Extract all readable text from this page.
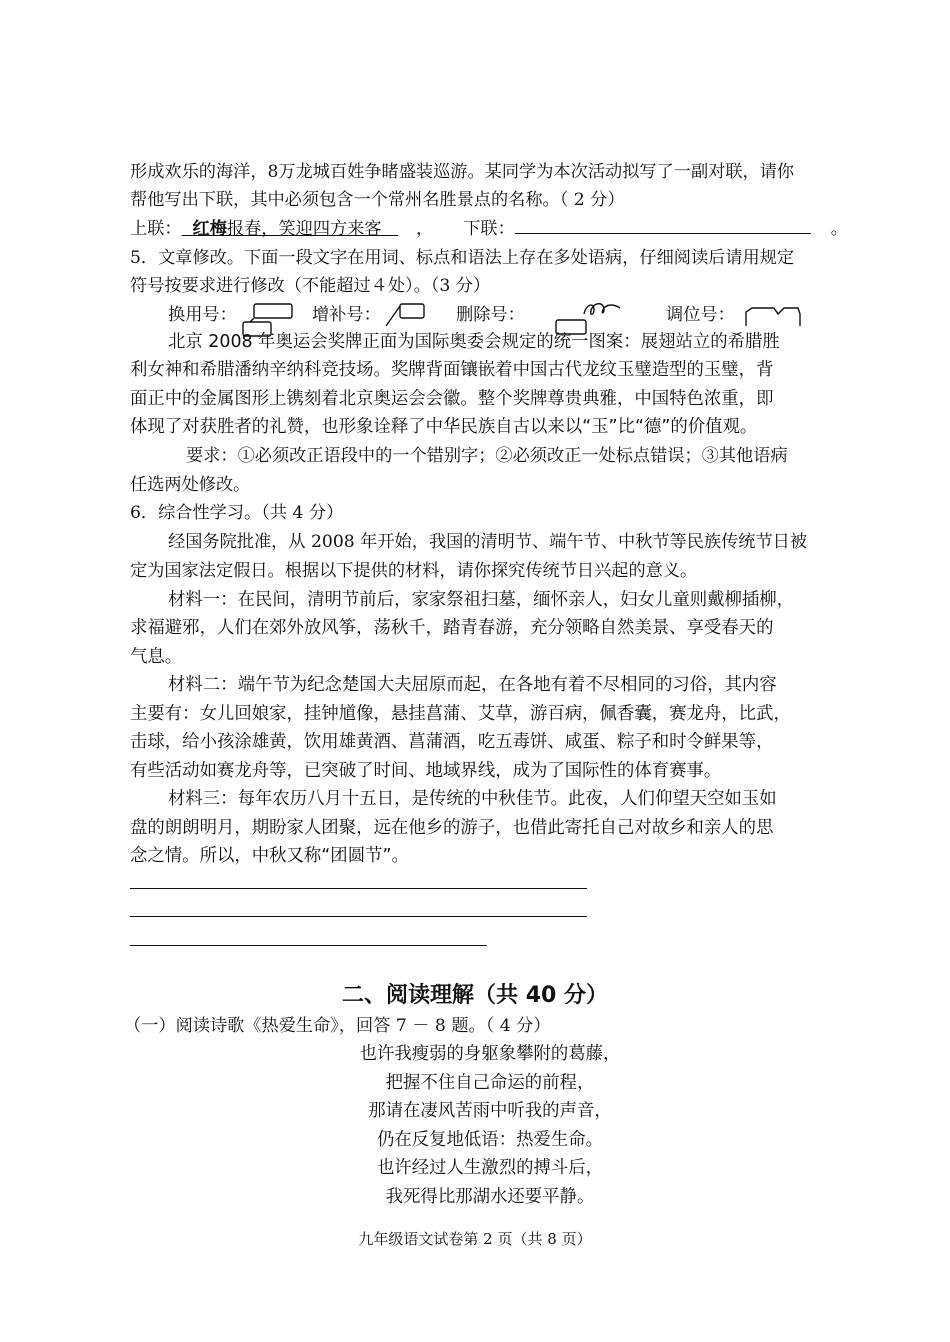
形成欢乐的海洋，8万龙城百姓争睹盛装巡游。某同学为本次活动拟写了一副对联，请你
帮他写出下联，其中必须包含一个常州名胜景点的名称。（ 2 分）
上联： 红梅报春，笑迎四方来客 ， 下联：	。
5．文章修改。下面一段文字在用词、标点和语法上存在多处语病，仔细阅读后请用规定
符号按要求进行修改（不能超过４处）。（3 分）
换用号：	增补号：	删除号：	调位号：
北京 2008 年奥运会奖牌正面为国际奥委会规定的统一图案：展翅站立的希腊胜
利女神和希腊潘纳辛纳科竞技场。奖牌背面镶嵌着中国古代龙纹玉璧造型的玉璧，背
面正中的金属图形上镌刻着北京奥运会会徽。整个奖牌尊贵典雅，中国特色浓重，即
体现了对获胜者的礼赞，也形象诠释了中华民族自古以来以“玉”比“德”的价值观。
要求：①必须改正语段中的一个错别字；②必须改正一处标点错误；③其他语病
任选两处修改。
6．综合性学习。（共 4 分）
经国务院批准，从 2008 年开始，我国的清明节、端午节、中秋节等民族传统节日被
定为国家法定假日。根据以下提供的材料，请你探究传统节日兴起的意义。
材料一：在民间，清明节前后，家家祭祖扫墓，缅怀亲人，妇女儿童则戴柳插柳，
求福避邪，人们在郊外放风筝，荡秋千，踏青春游，充分领略自然美景、享受春天的
气息。
材料二：端午节为纪念楚国大夫屈原而起，在各地有着不尽相同的习俗，其内容
主要有：女儿回娘家，挂钟馗像，悬挂菖蒲、艾草，游百病，佩香囊，赛龙舟，比武，
击球，给小孩涂雄黄，饮用雄黄酒、菖蒲酒，吃五毒饼、咸蛋、粽子和时令鲜果等，
有些活动如赛龙舟等，已突破了时间、地域界线，成为了国际性的体育赛事。
材料三：每年农历八月十五日，是传统的中秋佳节。此夜，人们仰望天空如玉如
盘的朗朗明月，期盼家人团聚，远在他乡的游子，也借此寄托自己对故乡和亲人的思
念之情。所以，中秋又称“团圆节”。
二、阅读理解（共 40 分）
（一）阅读诗歌《热爱生命》，回答 7 － 8 题。（ 4 分）
也许我瘦弱的身躯象攀附的葛藤，
把握不住自己命运的前程，
那请在凄风苦雨中听我的声音，
仍在反复地低语：热爱生命。
也许经过人生激烈的搏斗后，
我死得比那湖水还要平静。
九年级语文试卷第 2 页（共 8 页）
